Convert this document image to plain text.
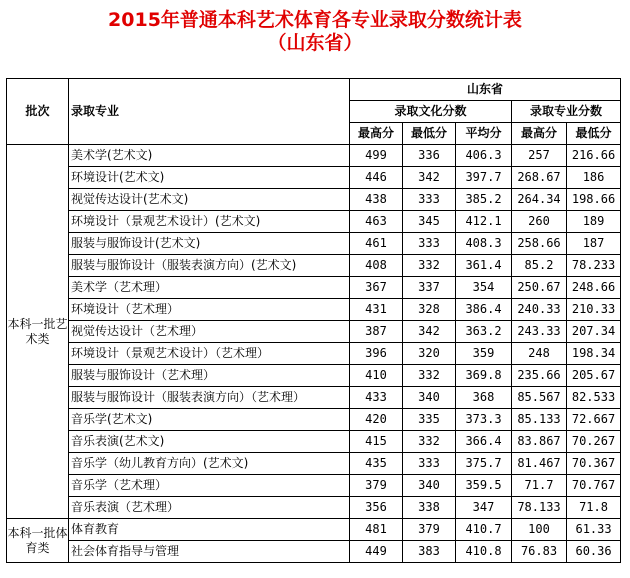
2015年普通本科艺术体育各专业录取分数统计表
（山东省）
批次	录取专业	山东省				
		录取文化分数			录取专业分数	
		最高分	最低分	平均分	最高分	最低分
本科一批艺术类	美术学(艺术文)	499	336	406.3	257	216.66
	环境设计(艺术文)	446	342	397.7	268.67	186
	视觉传达设计(艺术文)	438	333	385.2	264.34	198.66
	环境设计（景观艺术设计）(艺术文)	463	345	412.1	260	189
	服装与服饰设计(艺术文)	461	333	408.3	258.66	187
	服装与服饰设计（服装表演方向）(艺术文)	408	332	361.4	85.2	78.233
	美术学（艺术理）	367	337	354	250.67	248.66
	环境设计（艺术理）	431	328	386.4	240.33	210.33
	视觉传达设计（艺术理）	387	342	363.2	243.33	207.34
	环境设计（景观艺术设计）（艺术理）	396	320	359	248	198.34
	服装与服饰设计（艺术理）	410	332	369.8	235.66	205.67
	服装与服饰设计（服装表演方向）（艺术理）	433	340	368	85.567	82.533
	音乐学(艺术文)	420	335	373.3	85.133	72.667
	音乐表演(艺术文)	415	332	366.4	83.867	70.267
	音乐学（幼儿教育方向）(艺术文)	435	333	375.7	81.467	70.367
	音乐学（艺术理）	379	340	359.5	71.7	70.767
	音乐表演（艺术理）	356	338	347	78.133	71.8
本科一批体育类	体育教育	481	379	410.7	100	61.33
	社会体育指导与管理	449	383	410.8	76.83	60.36
